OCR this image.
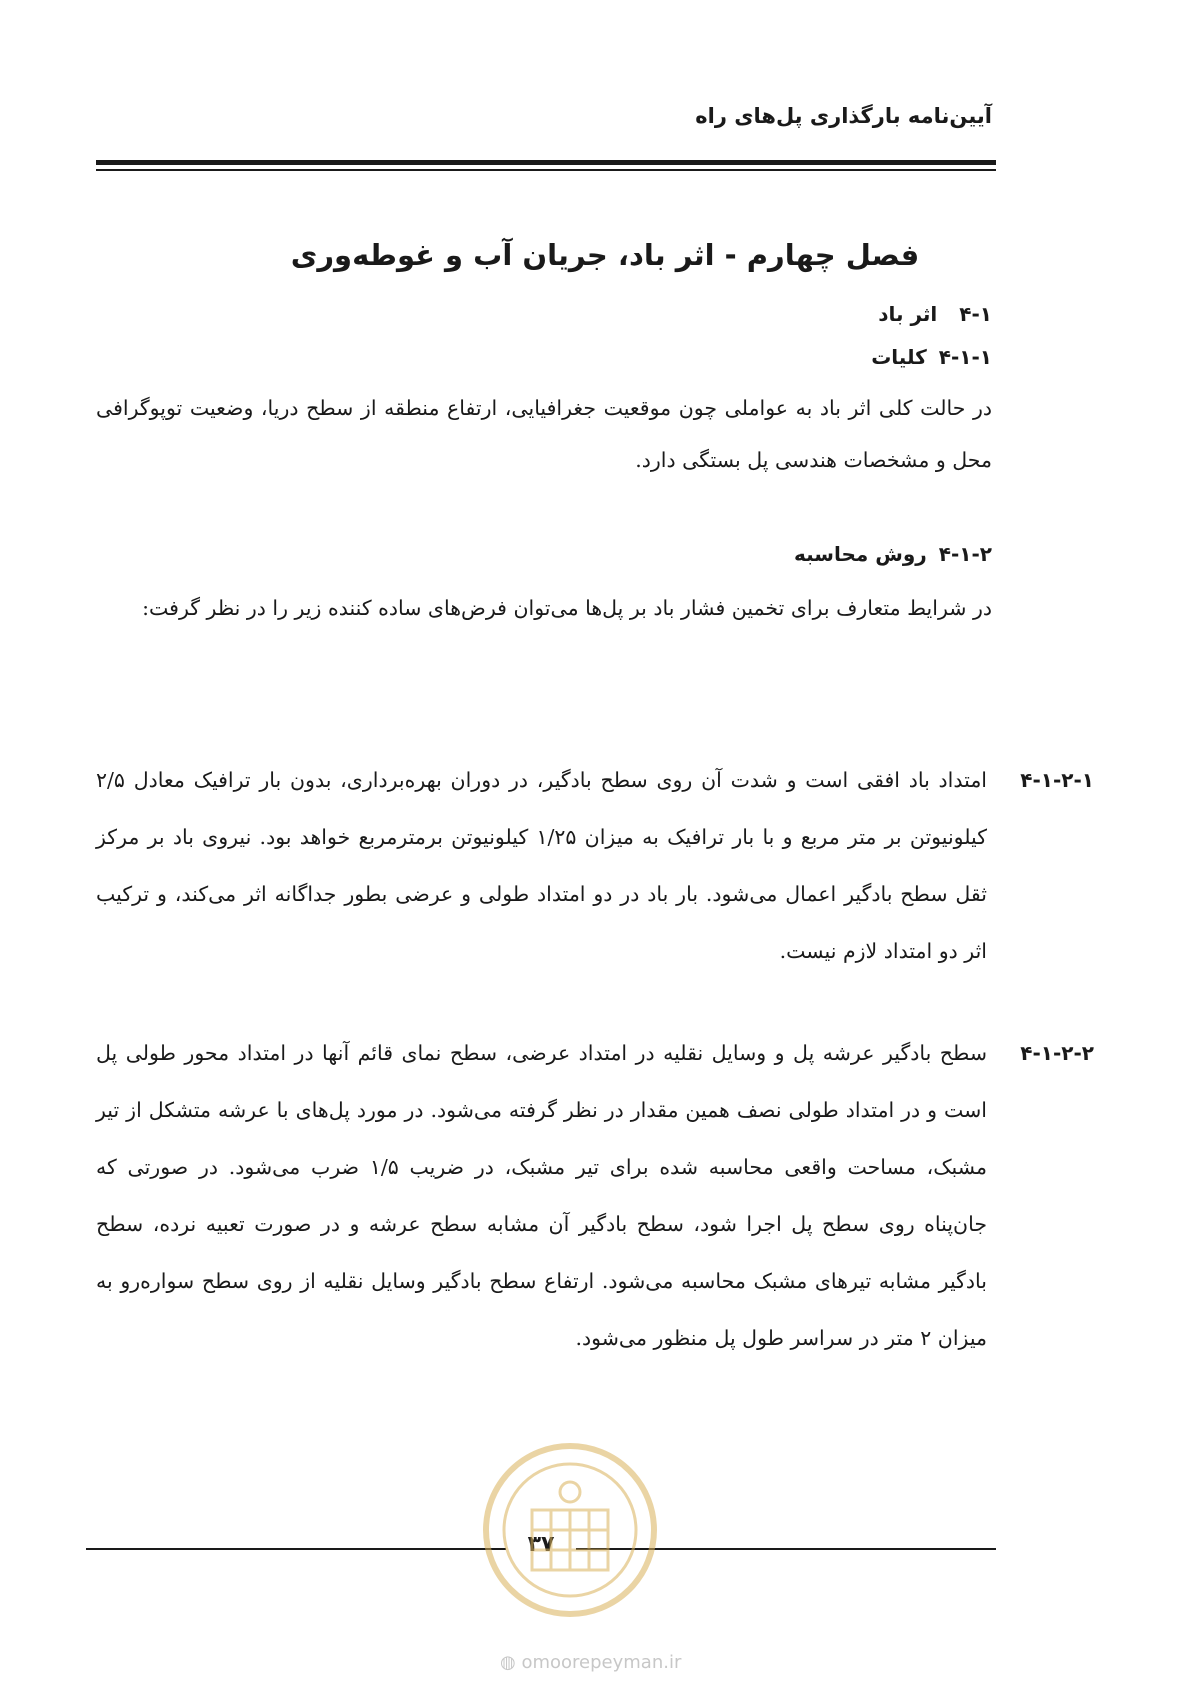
آیین‌نامه بارگذاری پل‌های راه
فصل چهارم - اثر باد، جریان آب و غوطه‌وری
۴-۱اثر باد
۴-۱-۱کلیات

در حالت کلی اثر باد به عواملی چون موقعیت جغرافیایی، ارتفاع منطقه از سطح دریا، وضعیت توپوگرافی محل و مشخصات هندسی پل بستگی دارد.

۴-۱-۲روش محاسبه

در شرایط متعارف برای تخمین فشار باد بر پل‌ها می‌توان فرض‌های ساده کننده زیر را در نظر گرفت:

۴-۱-۲-۱
امتداد باد افقی است و شدت آن روی سطح بادگیر، در دوران بهره‌برداری، بدون بار ترافیک معادل ۲/۵ کیلونیوتن بر متر مربع و با بار ترافیک به میزان ۱/۲۵ کیلونیوتن برمترمربع خواهد بود. نیروی باد بر مرکز ثقل سطح بادگیر اعمال می‌شود. بار باد در دو امتداد طولی و عرضی بطور جداگانه اثر می‌کند، و ترکیب اثر دو امتداد لازم نیست.
۴-۱-۲-۲
سطح بادگیر عرشه پل و وسایل نقلیه در امتداد عرضی، سطح نمای قائم آنها در امتداد محور طولی پل است و در امتداد طولی نصف همین مقدار در نظر گرفته می‌شود. در مورد پل‌های با عرشه متشکل از تیر مشبک، مساحت واقعی محاسبه شده برای تیر مشبک، در ضریب ۱/۵ ضرب می‌شود. در صورتی که جان‌پناه روی سطح پل اجرا شود، سطح بادگیر آن مشابه سطح عرشه و در صورت تعبیه نرده، سطح بادگیر مشابه تیرهای مشبک محاسبه می‌شود. ارتفاع سطح بادگیر وسایل نقلیه از روی سطح سواره‌رو به میزان ۲ متر در سراسر طول پل منظور می‌شود.
۳۷
◍ omoorepeyman.ir
